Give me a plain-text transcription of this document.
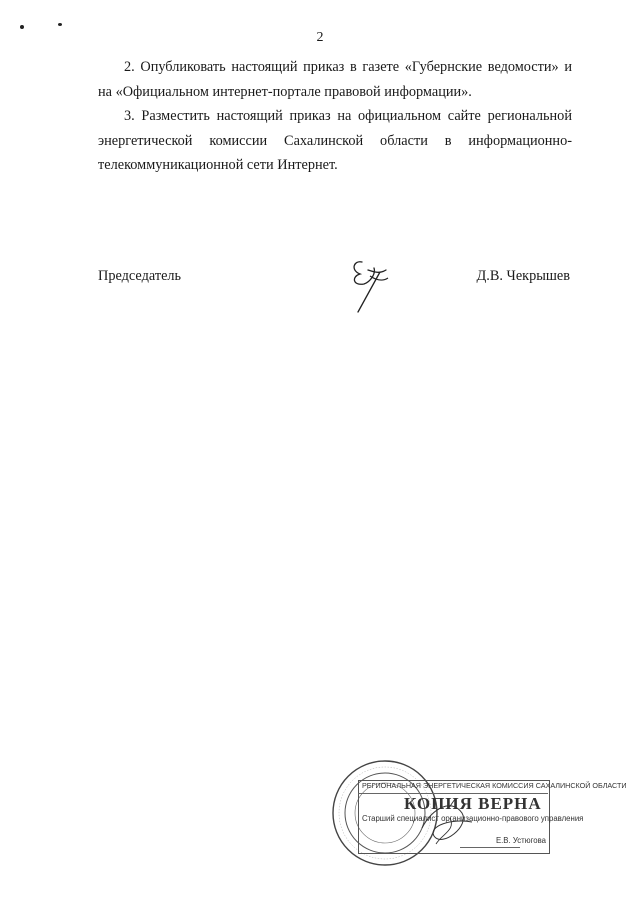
2

2. Опубликовать настоящий приказ в газете «Губернские ведомости» и на «Официальном интернет-портале правовой информации».

3. Разместить настоящий приказ на официальном сайте региональной энергетической комиссии Сахалинской области в информационно-телекоммуникационной сети Интернет.

Председатель	Д.В. Чекрышев
РЕГИОНАЛЬНАЯ ЭНЕРГЕТИЧЕСКАЯ КОМИССИЯ САХАЛИНСКОЙ ОБЛАСТИ
КОПИЯ ВЕРНА
Старший специалист организационно-правового управления
Е.В. Устюгова
